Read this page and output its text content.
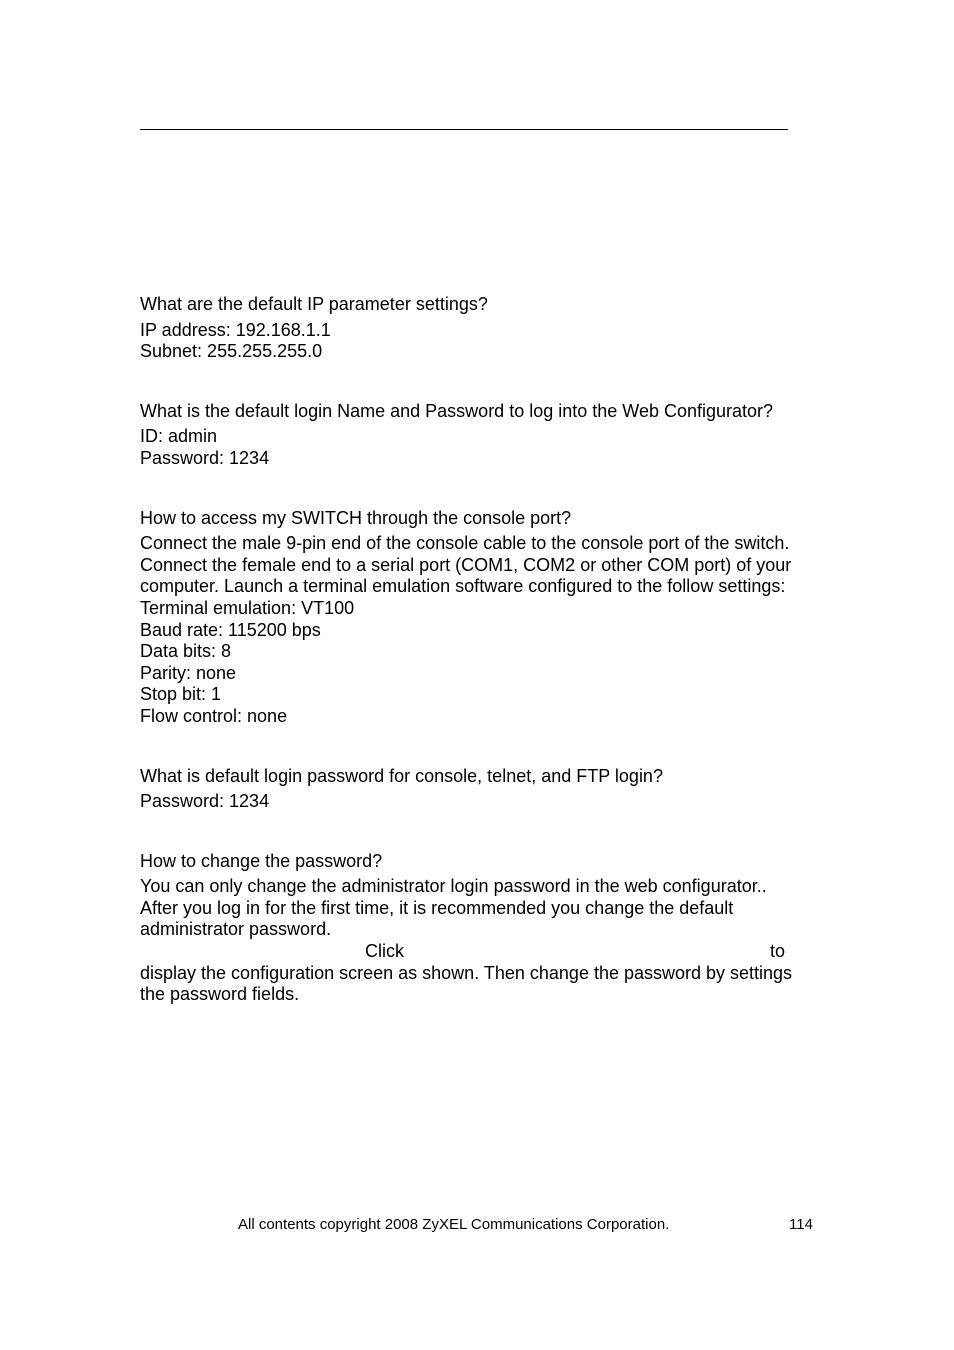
What are the default IP parameter settings?
IP address: 192.168.1.1
Subnet: 255.255.255.0
What is the default login Name and Password to log into the Web Configurator?
ID: admin
Password: 1234
How to access my SWITCH through the console port?
Connect the male 9-pin end of the console cable to the console port of the switch.
Connect the female end to a serial port (COM1, COM2 or other COM port) of your
computer. Launch a terminal emulation software configured to the follow settings:
Terminal emulation: VT100
Baud rate: 115200 bps
Data bits: 8
Parity: none
Stop bit: 1
Flow control: none
What is default login password for console, telnet, and FTP login?
Password: 1234
How to change the password?
You can only change the administrator login password in the web configurator..
After you log in for the first time, it is recommended you change the default
administrator password.
Click	to
display the configuration screen as shown. Then change the password by settings
the password fields.
All contents copyright 2008 ZyXEL Communications Corporation.	114
